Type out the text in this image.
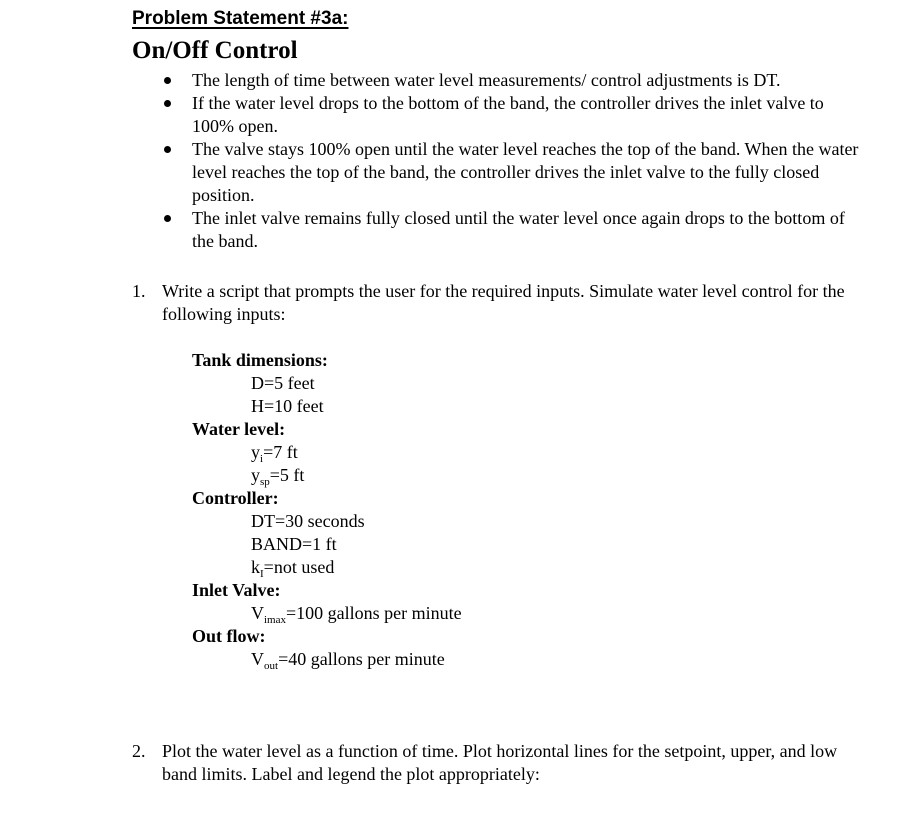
Problem Statement #3a:
On/Off Control
The length of time between water level measurements/ control adjustments is DT.
If the water level drops to the bottom of the band, the controller drives the inlet valve to 100% open.
The valve stays 100% open until the water level reaches the top of the band. When the water level reaches the top of the band, the controller drives the inlet valve to the fully closed position.
The inlet valve remains fully closed until the water level once again drops to the bottom of the band.
1. Write a script that prompts the user for the required inputs. Simulate water level control for the following inputs:
Tank dimensions:
D=5 feet
H=10 feet
Water level:
$y_i=7$ ft
$y_{sp}=5$ ft
Controller:
DT=30 seconds
BAND=1 ft
$k_I=not$ used
Inlet Valve:
$V_{imax}=100$ gallons per minute
Out flow:
$V_{out}=40$ gallons per minute
2. Plot the water level as a function of time. Plot horizontal lines for the setpoint, upper, and low band limits. Label and legend the plot appropriately:
